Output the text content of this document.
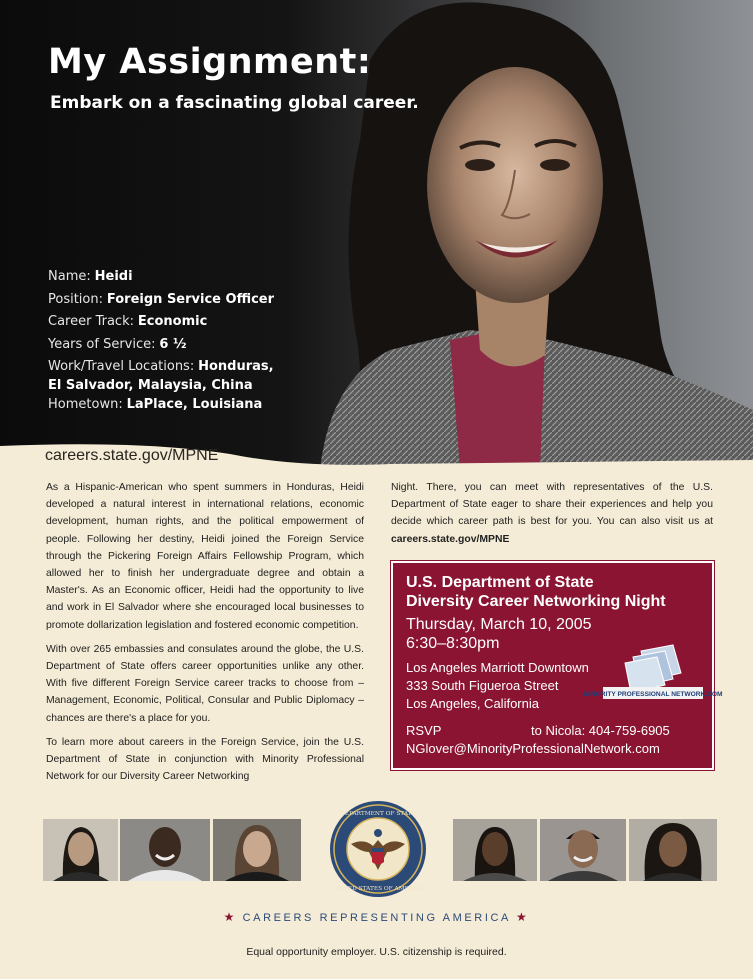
My Assignment:
Embark on a fascinating global career.
Name: Heidi
Position: Foreign Service Officer
Career Track: Economic
Years of Service: 6 ½
Work/Travel Locations: Honduras,
El Salvador, Malaysia, China
Hometown: LaPlace, Louisiana
careers.state.gov/MPNE

As a Hispanic-American who spent summers in Honduras, Heidi developed a natural interest in international relations, economic development, human rights, and the political empowerment of people. Following her destiny, Heidi joined the Foreign Service through the Pickering Foreign Affairs Fellowship Program, which allowed her to finish her undergraduate degree and obtain a Master's. As an Economic officer, Heidi had the opportunity to live and work in El Salvador where she encouraged local businesses to promote dollarization legislation and fostered economic competition.

With over 265 embassies and consulates around the globe, the U.S. Department of State offers career opportunities unlike any other. With five different Foreign Service career tracks to choose from – Management, Economic, Political, Consular and Public Diplomacy – chances are there's a place for you.

To learn more about careers in the Foreign Service, join the U.S. Department of State in conjunction with Minority Professional Network for our Diversity Career Networking

Night. There, you can meet with representatives of the U.S. Department of State eager to share their experiences and help you decide which career path is best for you. You can also visit us at careers.state.gov/MPNE

U.S. Department of State
Diversity Career Networking Night
Thursday, March 10, 2005
6:30–8:30pm
Los Angeles Marriott Downtown
333 South Figueroa Street
Los Angeles, California
RSVP	to Nicola: 404-759-6905
NGlover@MinorityProfessionalNetwork.com
MINORITY PROFESSIONAL NETWORK.COM
DEPARTMENT OF STATE
UNITED STATES OF AMERICA
★ CAREERS REPRESENTING AMERICA ★
Equal opportunity employer. U.S. citizenship is required.
